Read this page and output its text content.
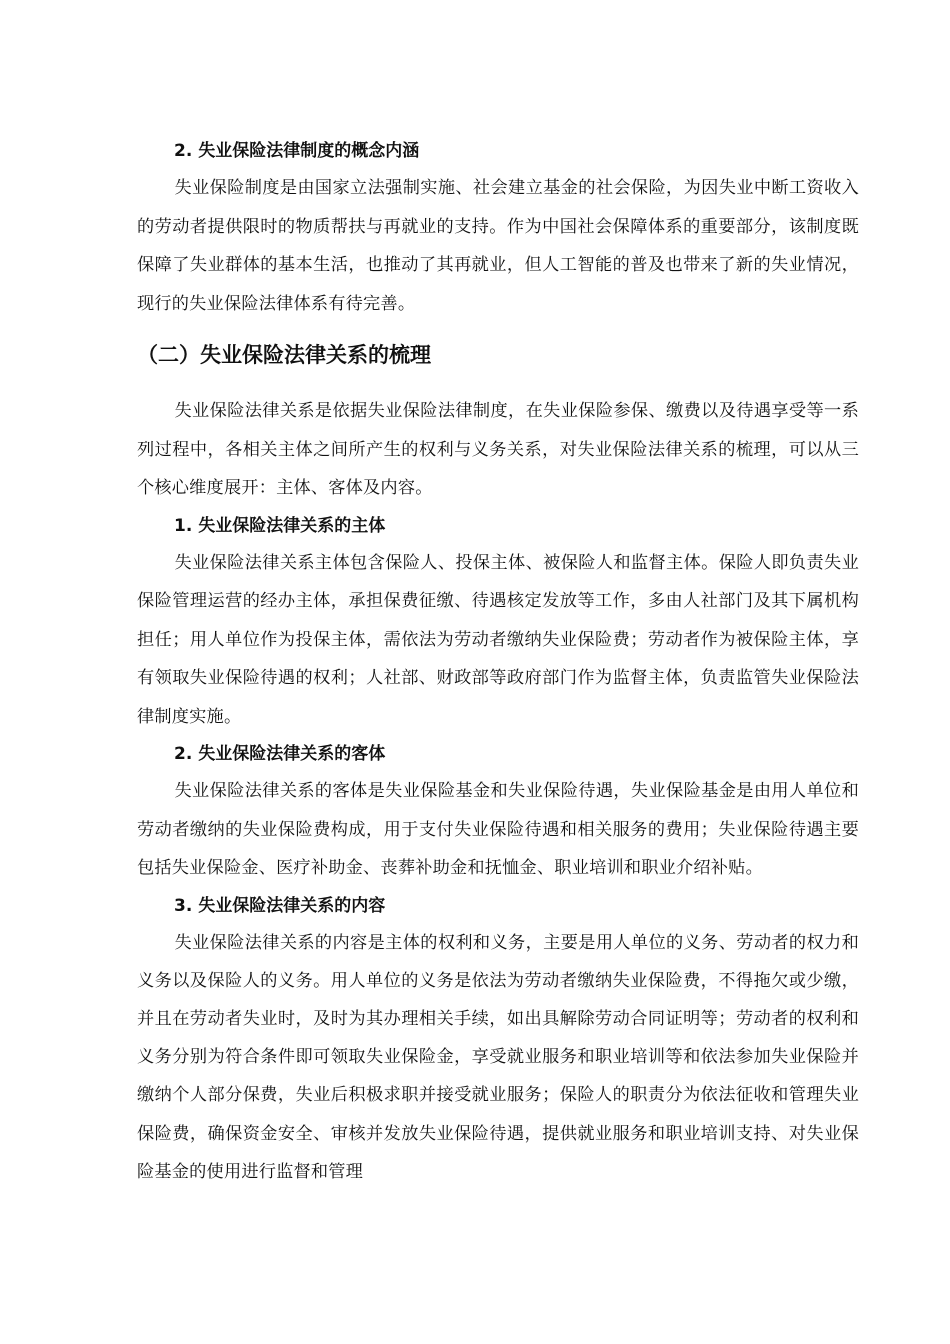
2. 失业保险法律制度的概念内涵

失业保险制度是由国家立法强制实施、社会建立基金的社会保险，为因失业中断工资收入的劳动者提供限时的物质帮扶与再就业的支持。作为中国社会保障体系的重要部分，该制度既保障了失业群体的基本生活，也推动了其再就业，但人工智能的普及也带来了新的失业情况，现行的失业保险法律体系有待完善。

（二）失业保险法律关系的梳理

失业保险法律关系是依据失业保险法律制度，在失业保险参保、缴费以及待遇享受等一系列过程中，各相关主体之间所产生的权利与义务关系，对失业保险法律关系的梳理，可以从三个核心维度展开：主体、客体及内容。

1. 失业保险法律关系的主体

失业保险法律关系主体包含保险人、投保主体、被保险人和监督主体。保险人即负责失业保险管理运营的经办主体，承担保费征缴、待遇核定发放等工作，多由人社部门及其下属机构担任；用人单位作为投保主体，需依法为劳动者缴纳失业保险费；劳动者作为被保险主体，享有领取失业保险待遇的权利；人社部、财政部等政府部门作为监督主体，负责监管失业保险法律制度实施。

2. 失业保险法律关系的客体

失业保险法律关系的客体是失业保险基金和失业保险待遇，失业保险基金是由用人单位和劳动者缴纳的失业保险费构成，用于支付失业保险待遇和相关服务的费用；失业保险待遇主要包括失业保险金、医疗补助金、丧葬补助金和抚恤金、职业培训和职业介绍补贴。

3. 失业保险法律关系的内容

失业保险法律关系的内容是主体的权利和义务，主要是用人单位的义务、劳动者的权力和义务以及保险人的义务。用人单位的义务是依法为劳动者缴纳失业保险费，不得拖欠或少缴，并且在劳动者失业时，及时为其办理相关手续，如出具解除劳动合同证明等；劳动者的权利和义务分别为符合条件即可领取失业保险金，享受就业服务和职业培训等和依法参加失业保险并缴纳个人部分保费，失业后积极求职并接受就业服务；保险人的职责分为依法征收和管理失业保险费，确保资金安全、审核并发放失业保险待遇，提供就业服务和职业培训支持、对失业保险基金的使用进行监督和管理
